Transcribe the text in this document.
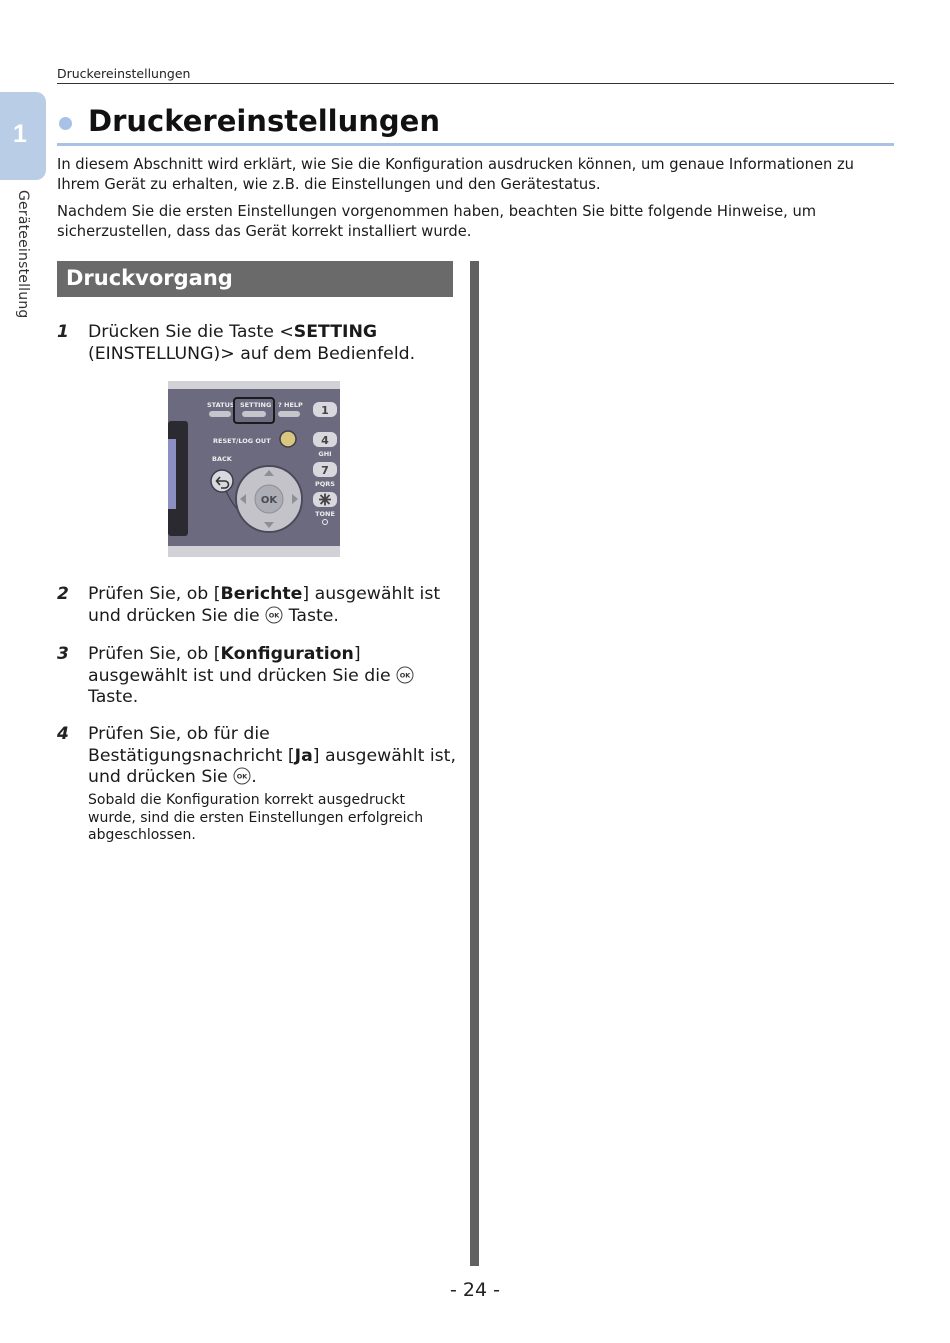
Druckereinstellungen
1
Geräteeinstellung
Druckereinstellungen

In diesem Abschnitt wird erklärt, wie Sie die Konfiguration ausdrucken können, um genaue Informationen zu Ihrem Gerät zu erhalten, wie z.B. die Einstellungen und den Gerätestatus.

Nachdem Sie die ersten Einstellungen vorgenommen haben, beachten Sie bitte folgende Hinweise, um sicherzustellen, dass das Gerät korrekt installiert wurde.

Druckvorgang
1 Drücken Sie die Taste <SETTING (EINSTELLUNG)> auf dem Bedienfeld.
STATUS SETTING ? HELP 1
RESET/LOG OUT	4
GHI
BACK
7
PQRS
TONE
OK
2 Prüfen Sie, ob [Berichte] ausgewählt ist und drücken Sie die OK Taste.
3 Prüfen Sie, ob [Konfiguration] ausgewählt ist und drücken Sie die OK
Taste.
4 Prüfen Sie, ob für die Bestätigungsnachricht [Ja] ausgewählt ist, und drücken Sie OK .

Sobald die Konfiguration korrekt ausgedruckt wurde, sind die ersten Einstellungen erfolgreich abgeschlossen.

- 24 -
